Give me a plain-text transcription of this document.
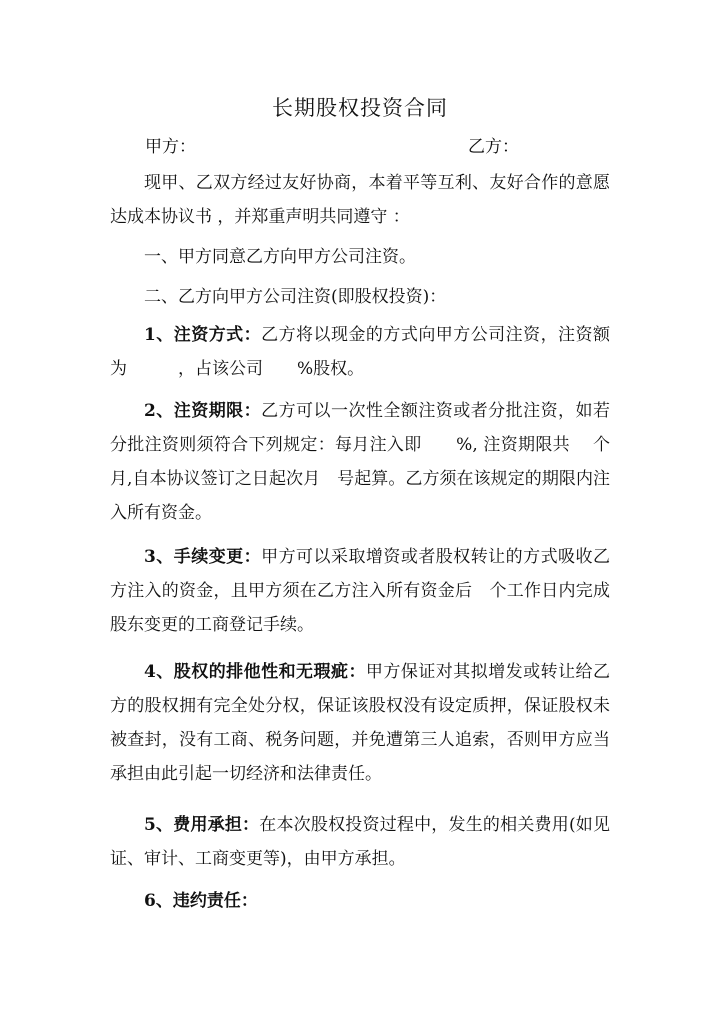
长期股权投资合同
甲方：	乙方：

现甲、乙双方经过友好协商，本着平等互利、友好合作的意愿达成本协议书 ，并郑重声明共同遵守 ：

一、甲方同意乙方向甲方公司注资。

二、乙方向甲方公司注资(即股权投资)：

1、注资方式：乙方将以现金的方式向甲方公司注资，注资额为　　　，占该公司　　%股权。

2、注资期限：乙方可以一次性全额注资或者分批注资，如若分批注资则须符合下列规定：每月注入即　　%, 注资期限共　 个月,自本协议签订之日起次月　号起算。乙方须在该规定的期限内注入所有资金。

3、手续变更：甲方可以采取增资或者股权转让的方式吸收乙方注入的资金，且甲方须在乙方注入所有资金后　个工作日内完成股东变更的工商登记手续。

4、股权的排他性和无瑕疵：甲方保证对其拟增发或转让给乙方的股权拥有完全处分权，保证该股权没有设定质押，保证股权未被查封，没有工商、税务问题，并免遭第三人追索，否则甲方应当承担由此引起一切经济和法律责任。

5、费用承担：在本次股权投资过程中，发生的相关费用(如见证、审计、工商变更等)，由甲方承担。

6、违约责任：
